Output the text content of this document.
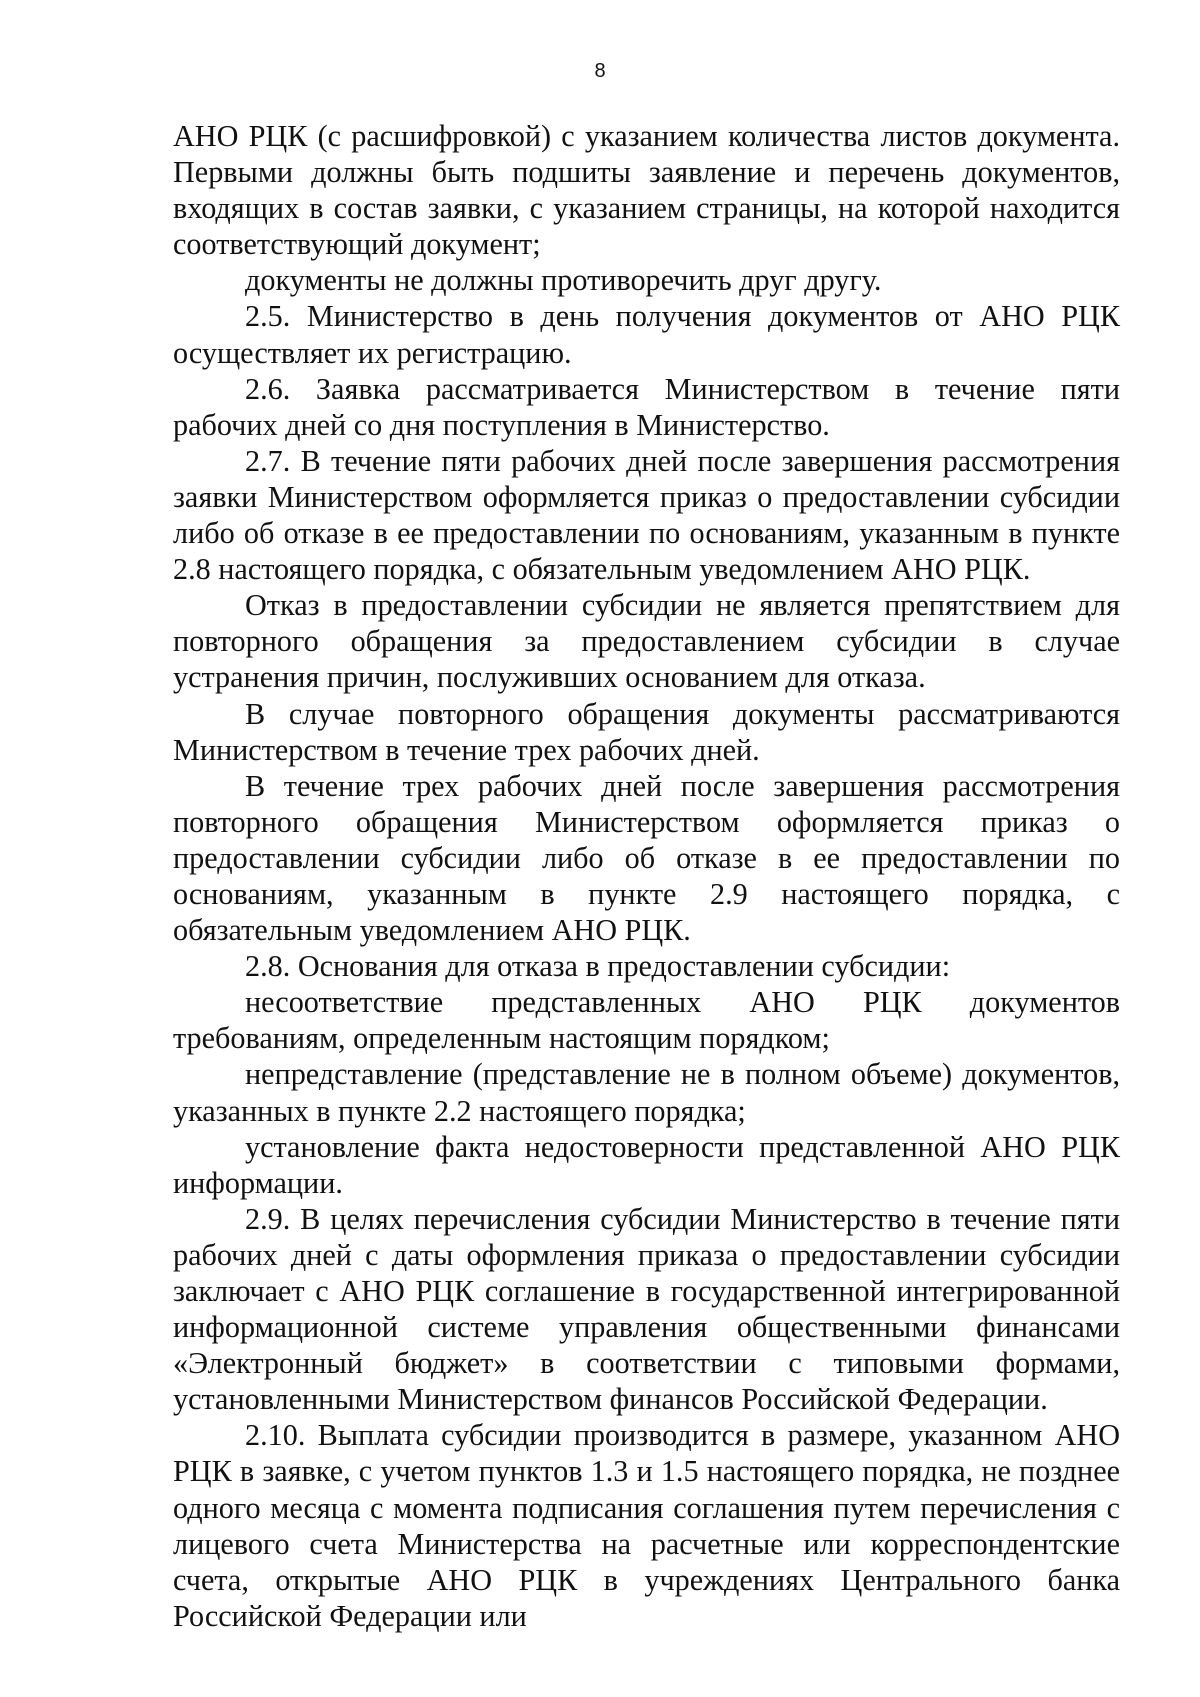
8

АНО РЦК (с расшифровкой) с указанием количества листов документа. Первыми должны быть подшиты заявление и перечень документов, входящих в состав заявки, с указанием страницы, на которой находится соответствующий документ;

документы не должны противоречить друг другу.

2.5. Министерство в день получения документов от АНО РЦК осуществляет их регистрацию.

2.6. Заявка рассматривается Министерством в течение пяти рабочих дней со дня поступления в Министерство.

2.7. В течение пяти рабочих дней после завершения рассмотрения заявки Министерством оформляется приказ о предоставлении субсидии либо об отказе в ее предоставлении по основаниям, указанным в пункте 2.8 настоящего порядка, с обязательным уведомлением АНО РЦК.

Отказ в предоставлении субсидии не является препятствием для повторного обращения за предоставлением субсидии в случае устранения причин, послуживших основанием для отказа.

В случае повторного обращения документы рассматриваются Министерством в течение трех рабочих дней.

В течение трех рабочих дней после завершения рассмотрения повторного обращения Министерством оформляется приказ о предоставлении субсидии либо об отказе в ее предоставлении по основаниям, указанным в пункте 2.9 настоящего порядка, с обязательным уведомлением АНО РЦК.

2.8. Основания для отказа в предоставлении субсидии:

несоответствие представленных АНО РЦК документов требованиям, определенным настоящим порядком;

непредставление (представление не в полном объеме) документов, указанных в пункте 2.2 настоящего порядка;

установление факта недостоверности представленной АНО РЦК информации.

2.9. В целях перечисления субсидии Министерство в течение пяти рабочих дней с даты оформления приказа о предоставлении субсидии заключает с АНО РЦК соглашение в государственной интегрированной информационной системе управления общественными финансами «Электронный бюджет» в соответствии с типовыми формами, установленными Министерством финансов Российской Федерации.

2.10. Выплата субсидии производится в размере, указанном АНО РЦК в заявке, с учетом пунктов 1.3 и 1.5 настоящего порядка, не позднее одного месяца с момента подписания соглашения путем перечисления с лицевого счета Министерства на расчетные или корреспондентские счета, открытые АНО РЦК в учреждениях Центрального банка Российской Федерации или
